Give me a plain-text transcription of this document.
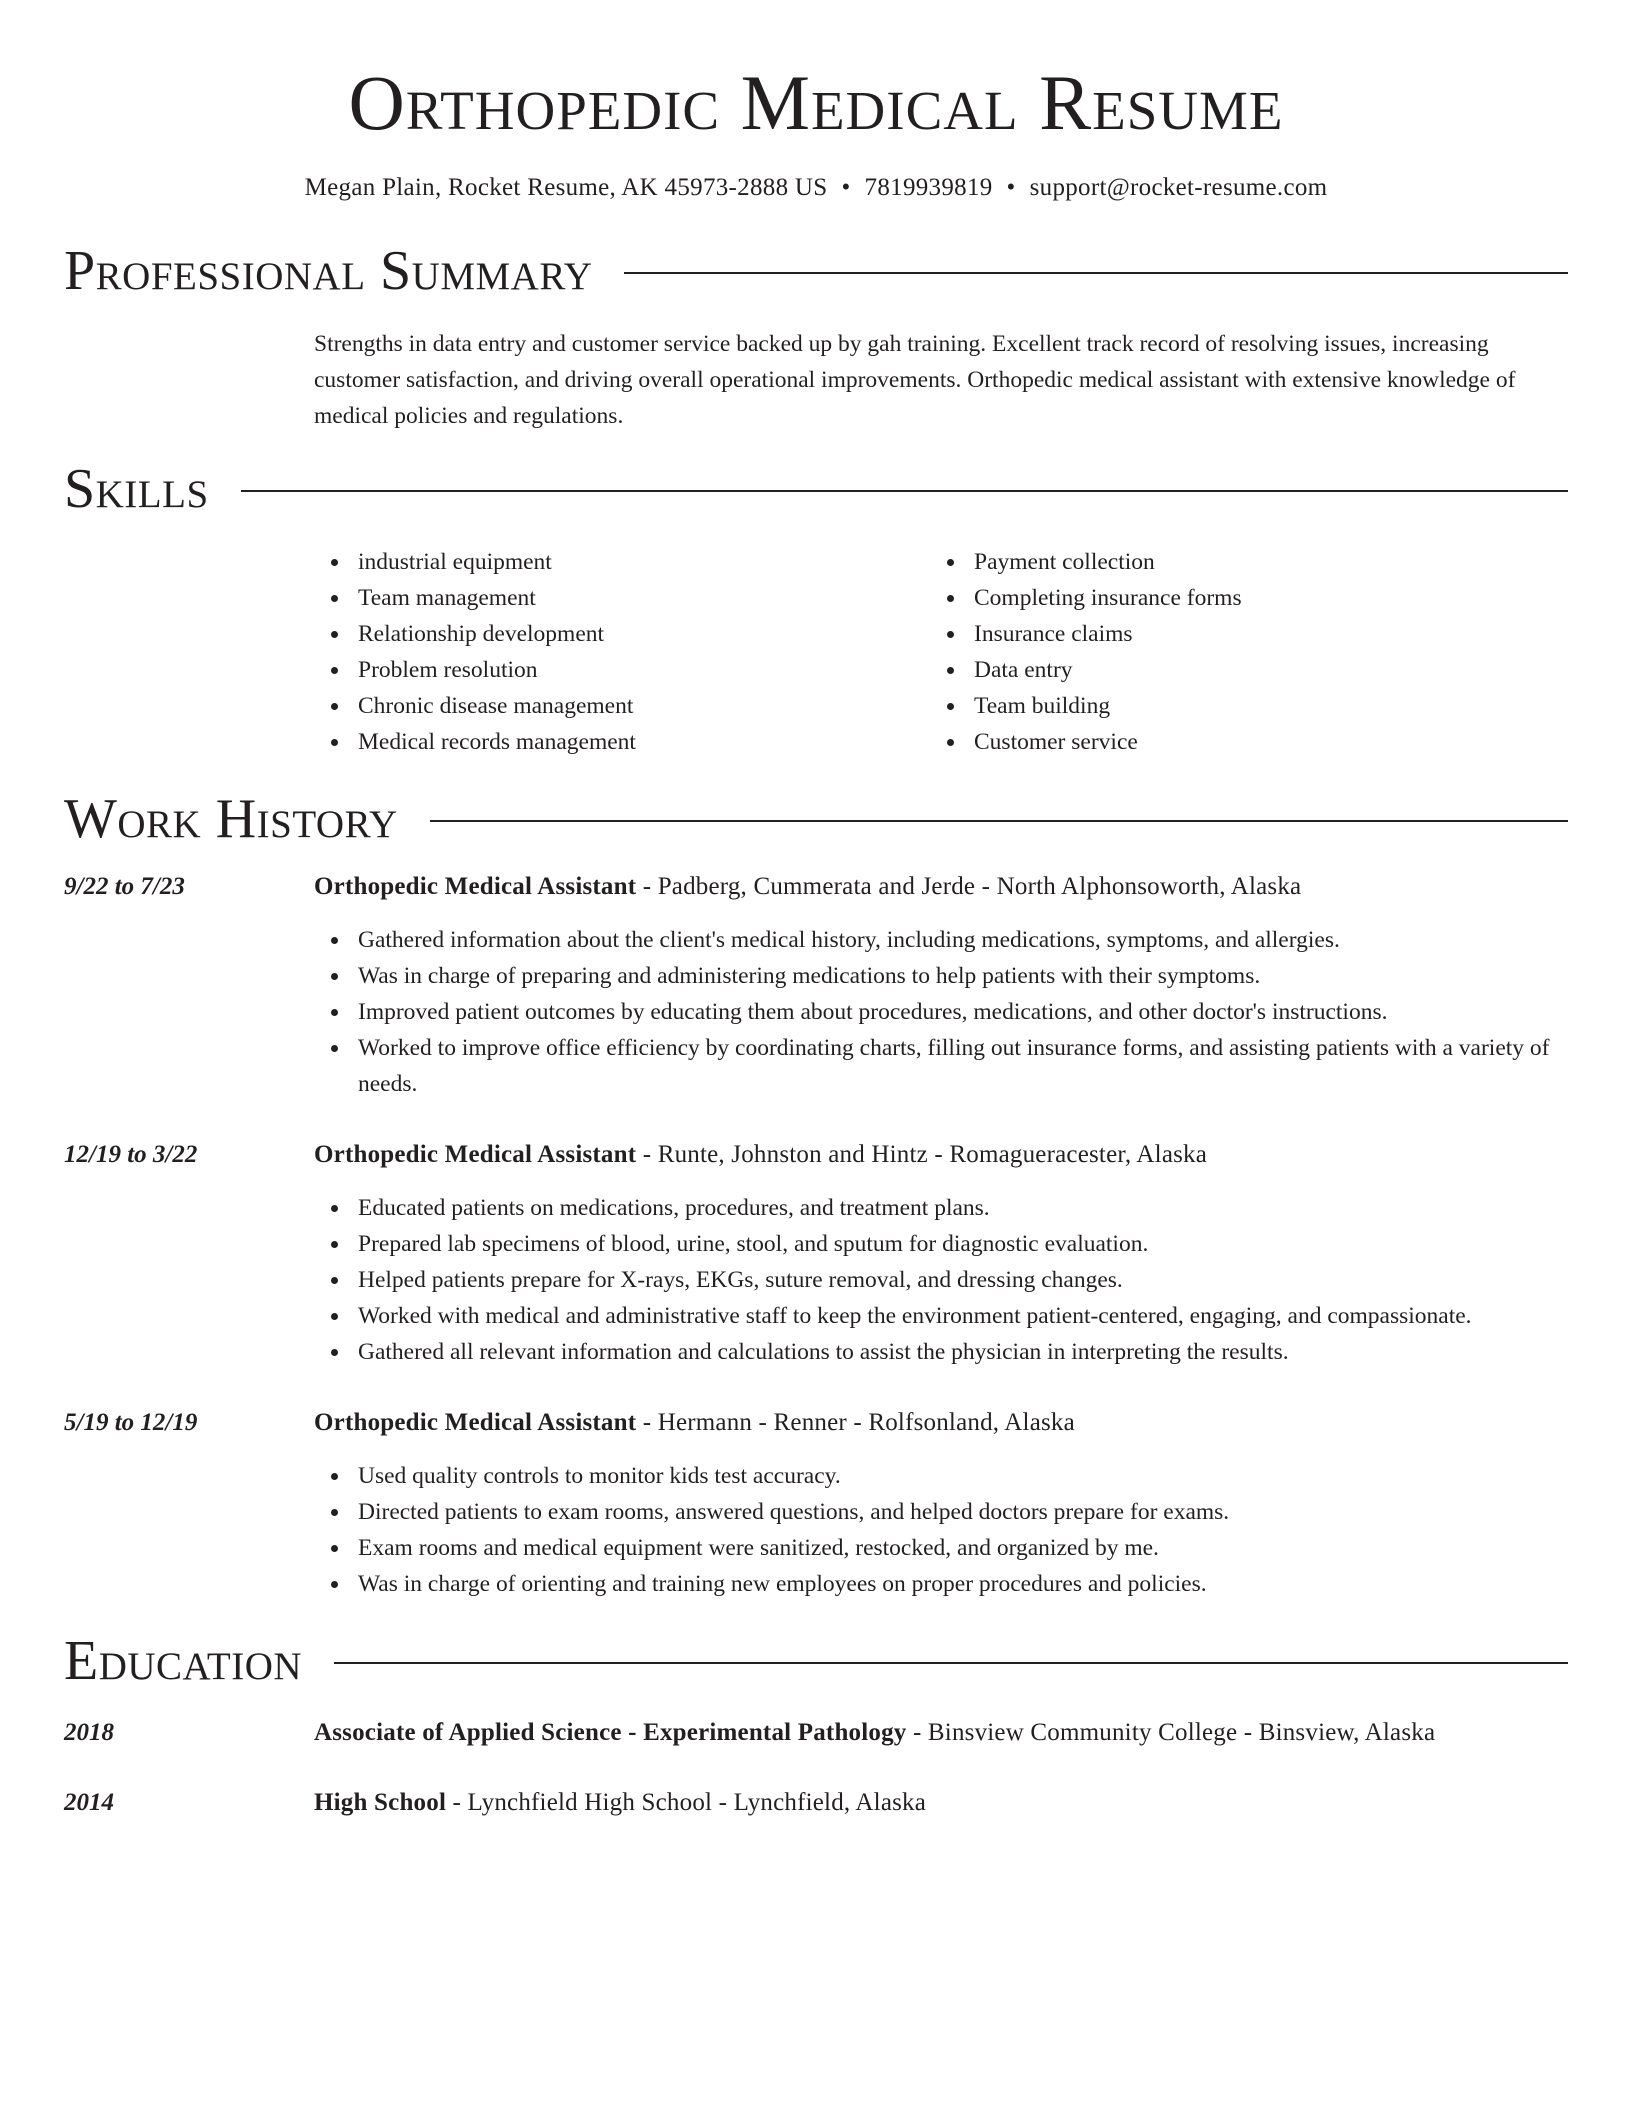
Orthopedic Medical Resume
Megan Plain, Rocket Resume, AK 45973-2888 US • 7819939819 • support@rocket-resume.com
Professional Summary
Strengths in data entry and customer service backed up by gah training. Excellent track record of resolving issues, increasing customer satisfaction, and driving overall operational improvements. Orthopedic medical assistant with extensive knowledge of medical policies and regulations.
Skills
industrial equipment
Team management
Relationship development
Problem resolution
Chronic disease management
Medical records management
Payment collection
Completing insurance forms
Insurance claims
Data entry
Team building
Customer service
Work History
9/22 to 7/23	Orthopedic Medical Assistant - Padberg, Cummerata and Jerde - North Alphonsoworth, Alaska
Gathered information about the client's medical history, including medications, symptoms, and allergies.
Was in charge of preparing and administering medications to help patients with their symptoms.
Improved patient outcomes by educating them about procedures, medications, and other doctor's instructions.
Worked to improve office efficiency by coordinating charts, filling out insurance forms, and assisting patients with a variety of needs.
12/19 to 3/22	Orthopedic Medical Assistant - Runte, Johnston and Hintz - Romagueracester, Alaska
Educated patients on medications, procedures, and treatment plans.
Prepared lab specimens of blood, urine, stool, and sputum for diagnostic evaluation.
Helped patients prepare for X-rays, EKGs, suture removal, and dressing changes.
Worked with medical and administrative staff to keep the environment patient-centered, engaging, and compassionate.
Gathered all relevant information and calculations to assist the physician in interpreting the results.
5/19 to 12/19	Orthopedic Medical Assistant - Hermann - Renner - Rolfsonland, Alaska
Used quality controls to monitor kids test accuracy.
Directed patients to exam rooms, answered questions, and helped doctors prepare for exams.
Exam rooms and medical equipment were sanitized, restocked, and organized by me.
Was in charge of orienting and training new employees on proper procedures and policies.
Education
2018	Associate of Applied Science - Experimental Pathology - Binsview Community College - Binsview, Alaska
2014	High School - Lynchfield High School - Lynchfield, Alaska
